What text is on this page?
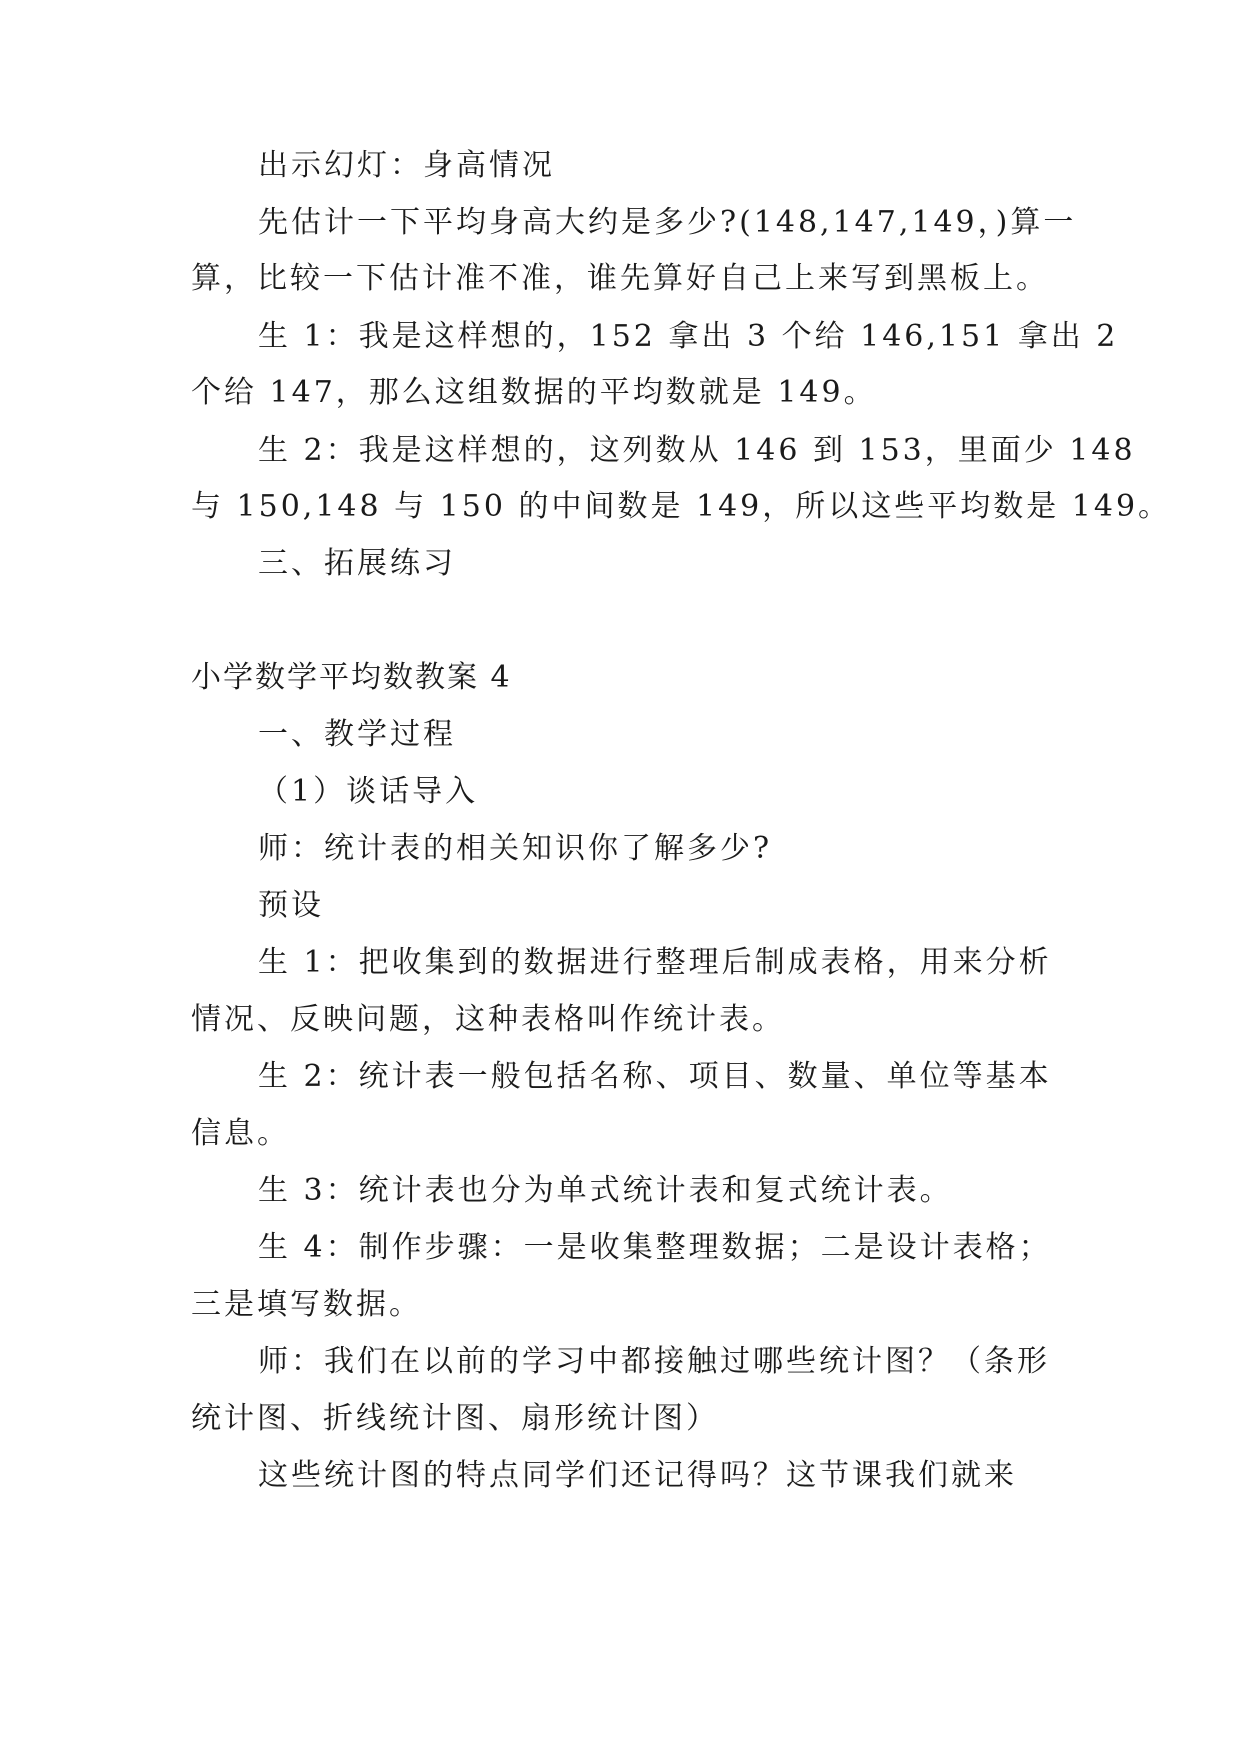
出示幻灯：身高情况
先估计一下平均身高大约是多少?(148,147,149，)算一
算，比较一下估计准不准，谁先算好自己上来写到黑板上。
生 1：我是这样想的，152 拿出 3 个给 146,151 拿出 2
个给 147，那么这组数据的平均数就是 149。
生 2：我是这样想的，这列数从 146 到 153，里面少 148
与 150,148 与 150 的中间数是 149，所以这些平均数是 149。
三、拓展练习
小学数学平均数教案 4
一、教学过程
（1）谈话导入
师：统计表的相关知识你了解多少?
预设
生 1：把收集到的数据进行整理后制成表格，用来分析
情况、反映问题，这种表格叫作统计表。
生 2：统计表一般包括名称、项目、数量、单位等基本
信息。
生 3：统计表也分为单式统计表和复式统计表。
生 4：制作步骤：一是收集整理数据；二是设计表格；
三是填写数据。
师：我们在以前的学习中都接触过哪些统计图？（条形
统计图、折线统计图、扇形统计图）
这些统计图的特点同学们还记得吗？这节课我们就来
